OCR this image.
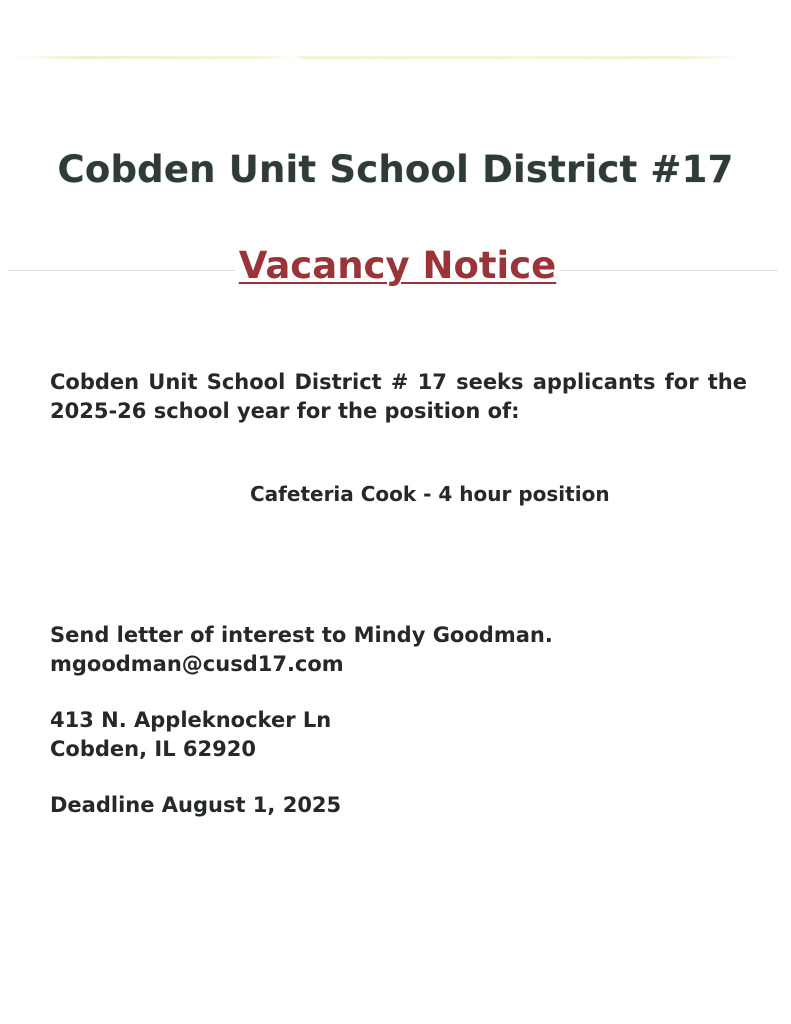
Cobden Unit School District #17
Vacancy Notice
Cobden Unit School District # 17 seeks applicants for the 2025-26 school year for the position of:
Cafeteria Cook - 4 hour position
Send letter of interest to Mindy Goodman.
mgoodman@cusd17.com
413 N. Appleknocker Ln
Cobden, IL 62920
Deadline August 1, 2025
